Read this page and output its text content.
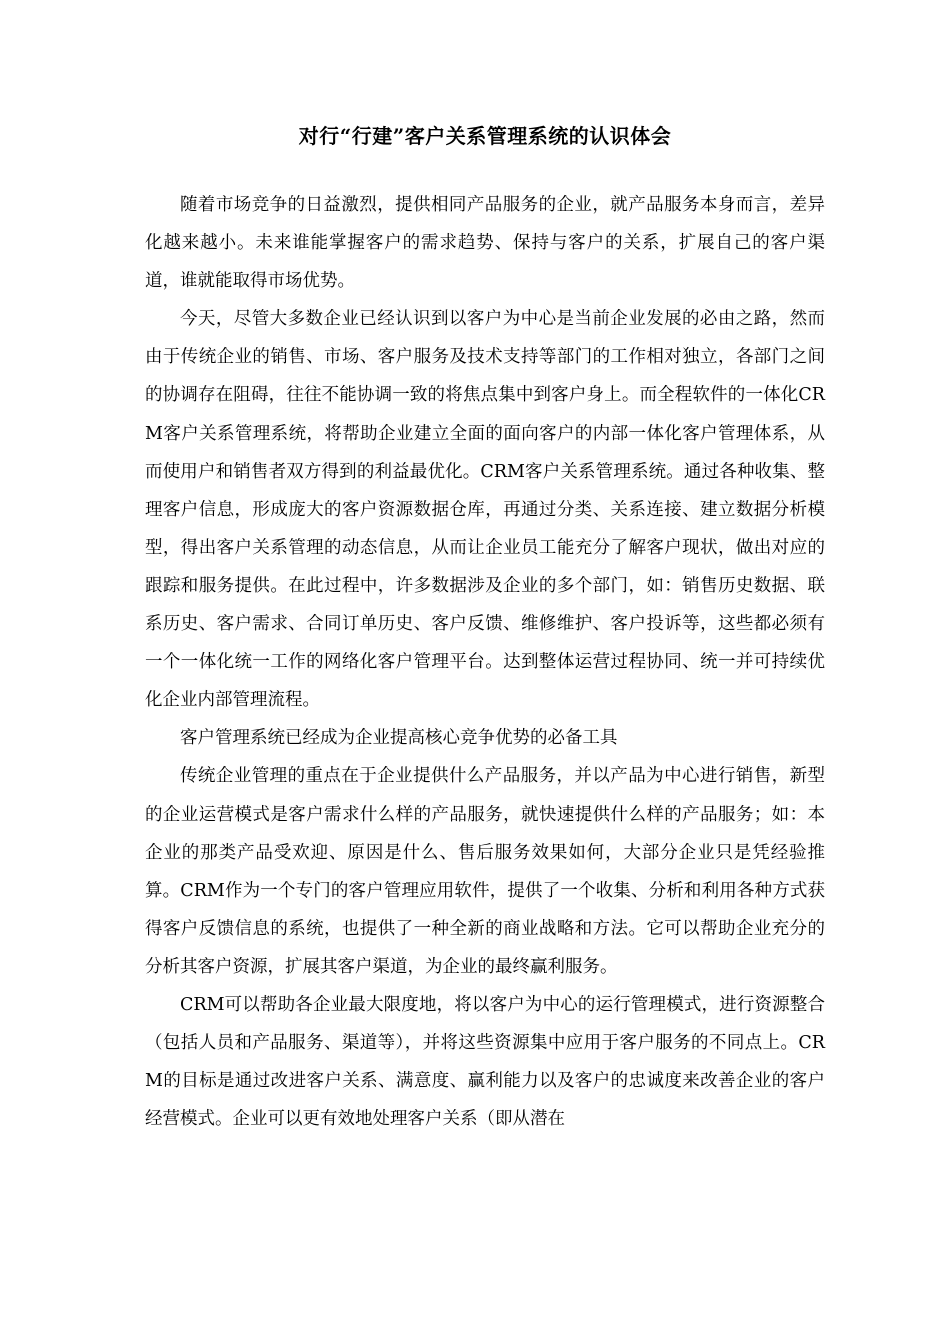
对行“行建”客户关系管理系统的认识体会

随着市场竞争的日益激烈，提供相同产品服务的企业，就产品服务本身而言，差异化越来越小。未来谁能掌握客户的需求趋势、保持与客户的关系，扩展自己的客户渠道，谁就能取得市场优势。

今天，尽管大多数企业已经认识到以客户为中心是当前企业发展的必由之路，然而由于传统企业的销售、市场、客户服务及技术支持等部门的工作相对独立，各部门之间的协调存在阻碍，往往不能协调一致的将焦点集中到客户身上。而全程软件的一体化CRM客户关系管理系统，将帮助企业建立全面的面向客户的内部一体化客户管理体系，从而使用户和销售者双方得到的利益最优化。CRM客户关系管理系统。通过各种收集、整理客户信息，形成庞大的客户资源数据仓库，再通过分类、关系连接、建立数据分析模型，得出客户关系管理的动态信息，从而让企业员工能充分了解客户现状，做出对应的跟踪和服务提供。在此过程中，许多数据涉及企业的多个部门，如：销售历史数据、联系历史、客户需求、合同订单历史、客户反馈、维修维护、客户投诉等，这些都必须有一个一体化统一工作的网络化客户管理平台。达到整体运营过程协同、统一并可持续优化企业内部管理流程。

客户管理系统已经成为企业提高核心竞争优势的必备工具

传统企业管理的重点在于企业提供什么产品服务，并以产品为中心进行销售，新型的企业运营模式是客户需求什么样的产品服务，就快速提供什么样的产品服务；如：本企业的那类产品受欢迎、原因是什么、售后服务效果如何，大部分企业只是凭经验推算。CRM作为一个专门的客户管理应用软件，提供了一个收集、分析和利用各种方式获得客户反馈信息的系统，也提供了一种全新的商业战略和方法。它可以帮助企业充分的分析其客户资源，扩展其客户渠道，为企业的最终赢利服务。

CRM可以帮助各企业最大限度地，将以客户为中心的运行管理模式，进行资源整合（包括人员和产品服务、渠道等），并将这些资源集中应用于客户服务的不同点上。CRM的目标是通过改进客户关系、满意度、赢利能力以及客户的忠诚度来改善企业的客户经营模式。企业可以更有效地处理客户关系（即从潜在
